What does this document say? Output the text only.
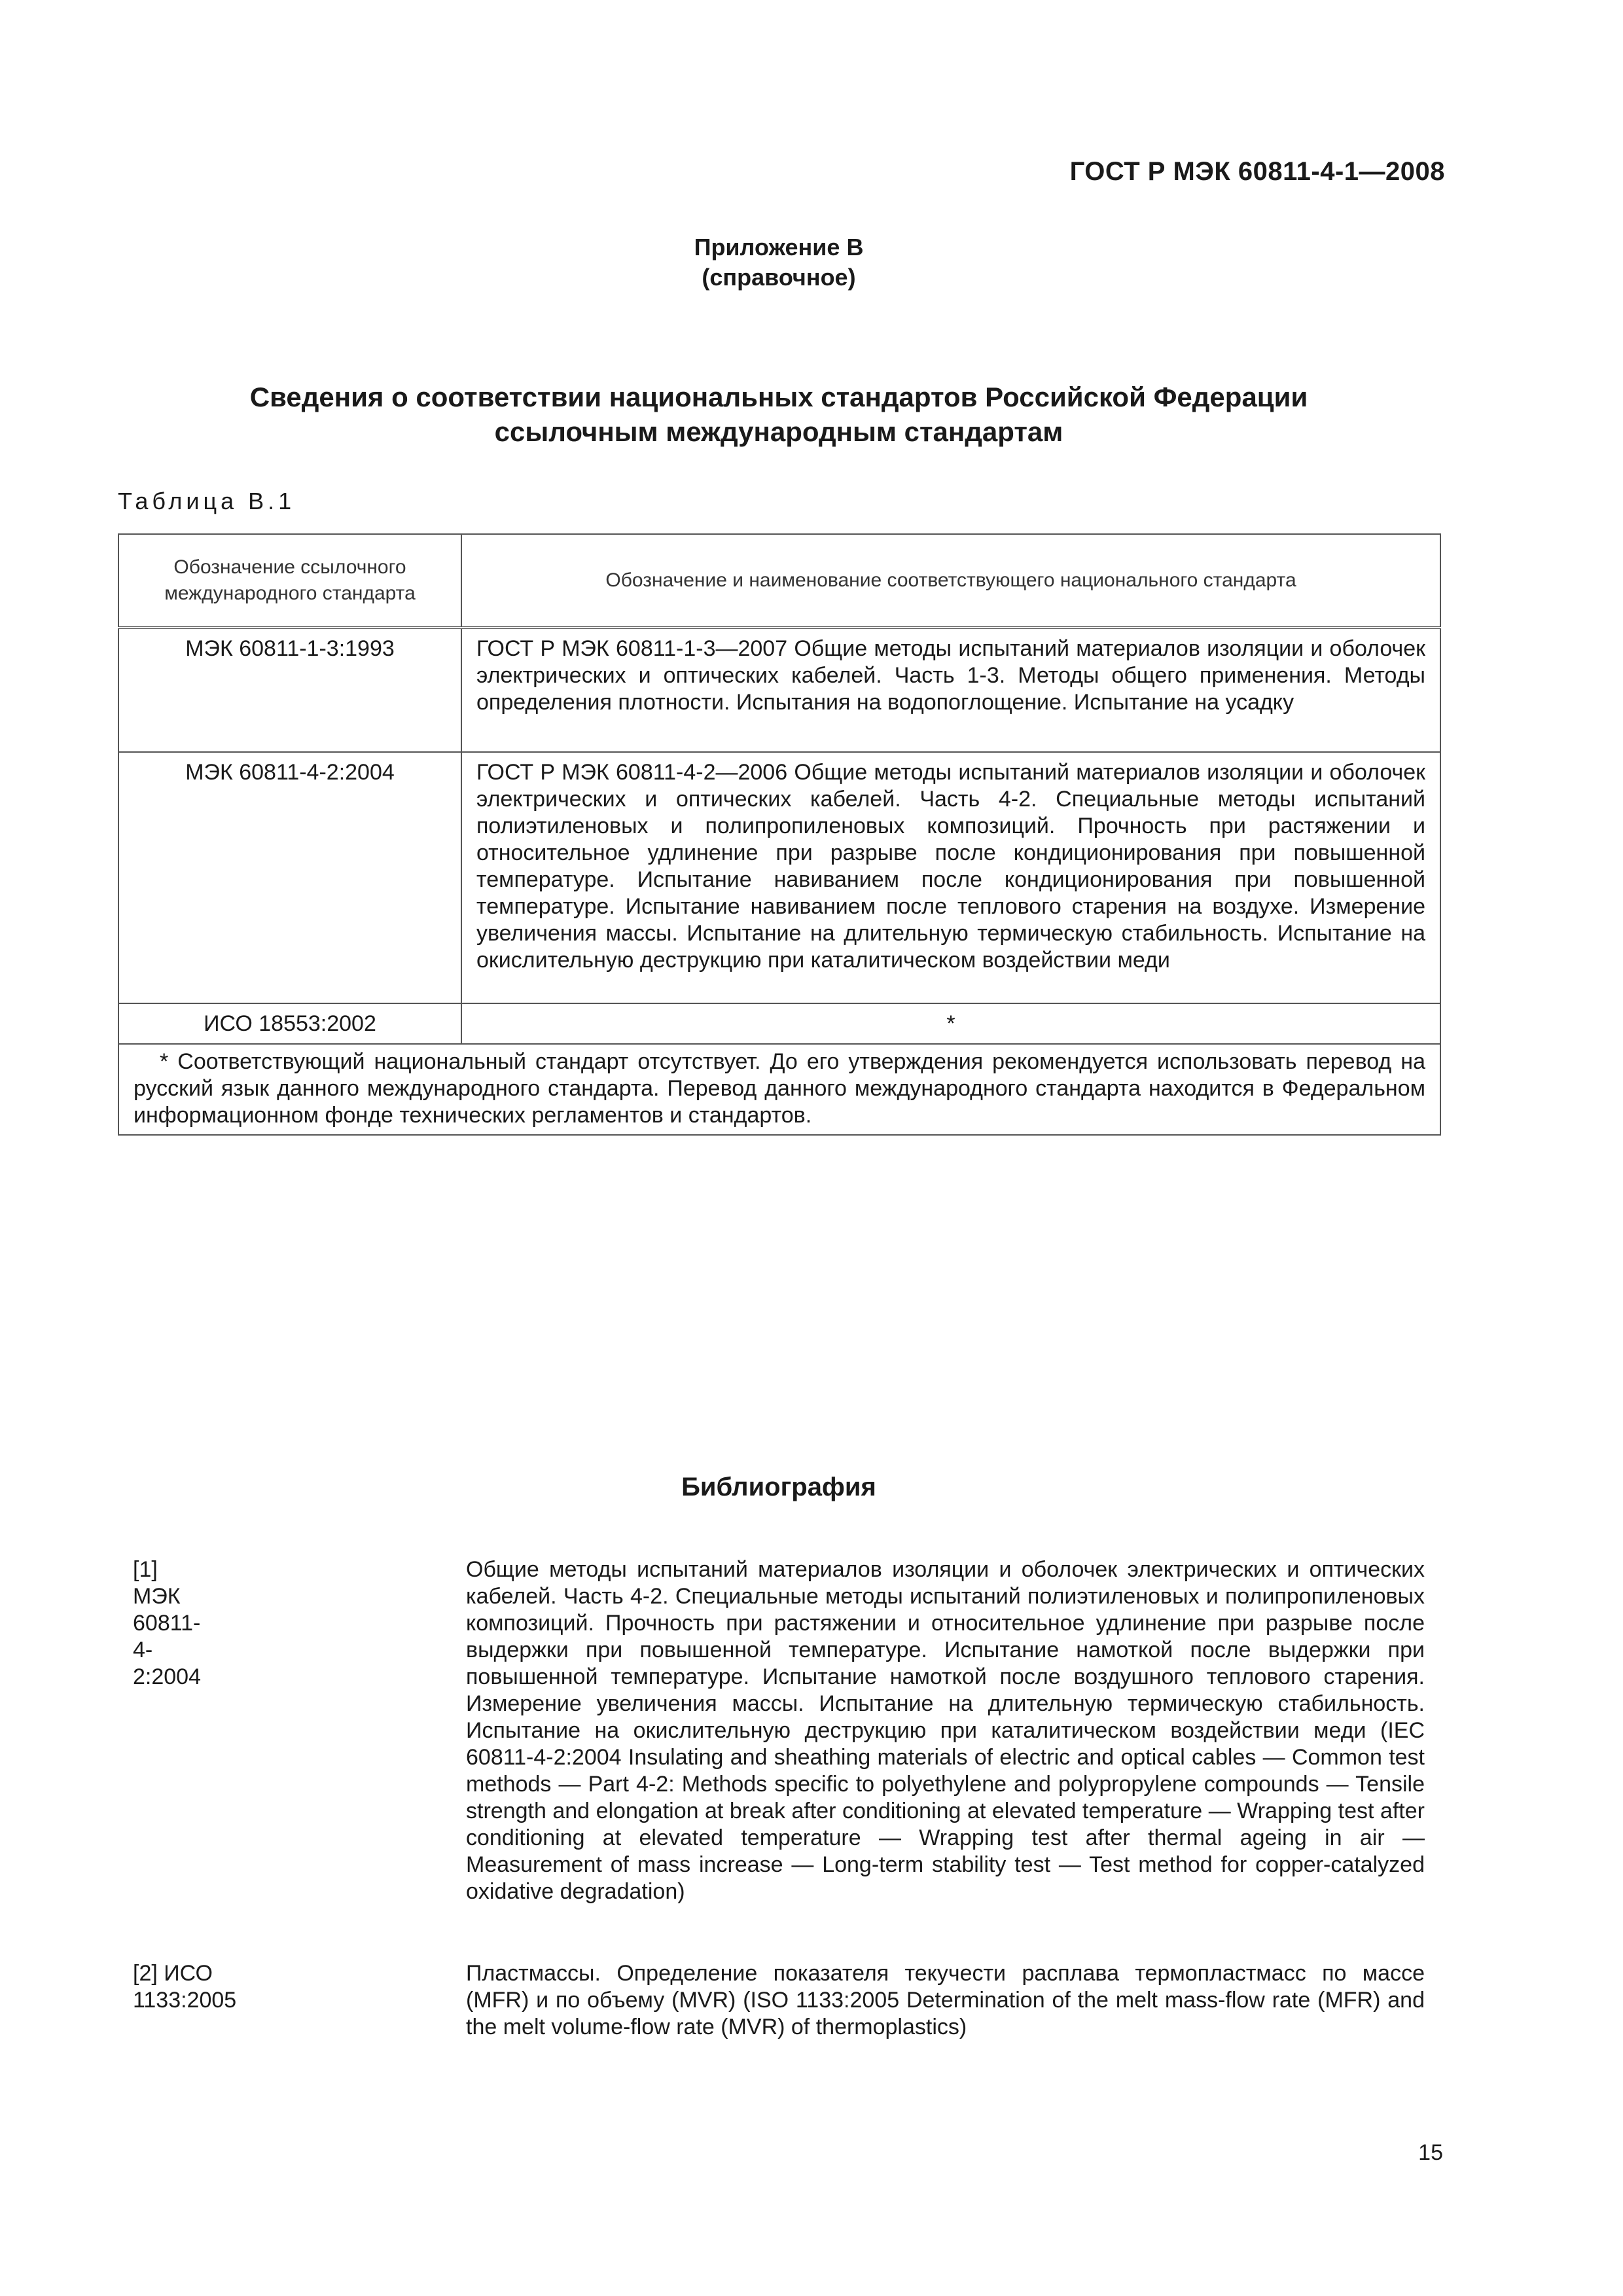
ГОСТ Р МЭК 60811-4-1—2008
Приложение В
(справочное)
Сведения о соответствии национальных стандартов Российской Федерации
ссылочным международным стандартам
Таблица В.1
Обозначение ссылочного международного стандарта	Обозначение и наименование соответствующего национального стандарта
МЭК 60811-1-3:1993	ГОСТ Р МЭК 60811-1-3—2007 Общие методы испытаний материалов изоляции и оболочек электрических и оптических кабелей. Часть 1-3. Методы общего применения. Методы определения плотности. Испытания на водопоглощение. Испытание на усадку
МЭК 60811-4-2:2004	ГОСТ Р МЭК 60811-4-2—2006 Общие методы испытаний материалов изоляции и оболочек электрических и оптических кабелей. Часть 4-2. Специальные методы испытаний полиэтиленовых и полипропиленовых композиций. Прочность при растяжении и относительное удлинение при разрыве после кондиционирования при повышенной температуре. Испытание навиванием после кондиционирования при повышенной температуре. Испытание навиванием после теплового старения на воздухе. Измерение увеличения массы. Испытание на длительную термическую стабильность. Испытание на окислительную деструкцию при каталитическом воздействии меди
ИСО 18553:2002	*
* Соответствующий национальный стандарт отсутствует. До его утверждения рекомендуется использовать перевод на русский язык данного международного стандарта. Перевод данного международного стандарта находится в Федеральном информационном фонде технических регламентов и стандартов.	
Библиография
[1] МЭК 60811-4-2:2004
Общие методы испытаний материалов изоляции и оболочек электрических и оптических кабелей. Часть 4-2. Специальные методы испытаний полиэтиленовых и полипропиленовых композиций. Прочность при растяжении и относительное удлинение при разрыве после выдержки при повышенной температуре. Испытание намоткой после выдержки при повышенной температуре. Испытание намоткой после воздушного теплового старения. Измерение увеличения массы. Испытание на длительную термическую стабильность. Испытание на окислительную деструкцию при каталитическом воздействии меди (IEC 60811-4-2:2004 Insulating and sheathing materials of electric and optical cables — Common test methods — Part 4-2: Methods specific to polyethylene and polypropylene compounds — Tensile strength and elongation at break after conditioning at elevated temperature — Wrapping test after conditioning at elevated temperature — Wrapping test after thermal ageing in air — Measurement of mass increase — Long-term stability test — Test method for copper-catalyzed oxidative degradation)
[2] ИСО 1133:2005
Пластмассы. Определение показателя текучести расплава термопластмасс по массе (MFR) и по объему (MVR) (ISO 1133:2005 Determination of the melt mass-flow rate (MFR) and the melt volume-flow rate (MVR) of thermoplastics)
15
